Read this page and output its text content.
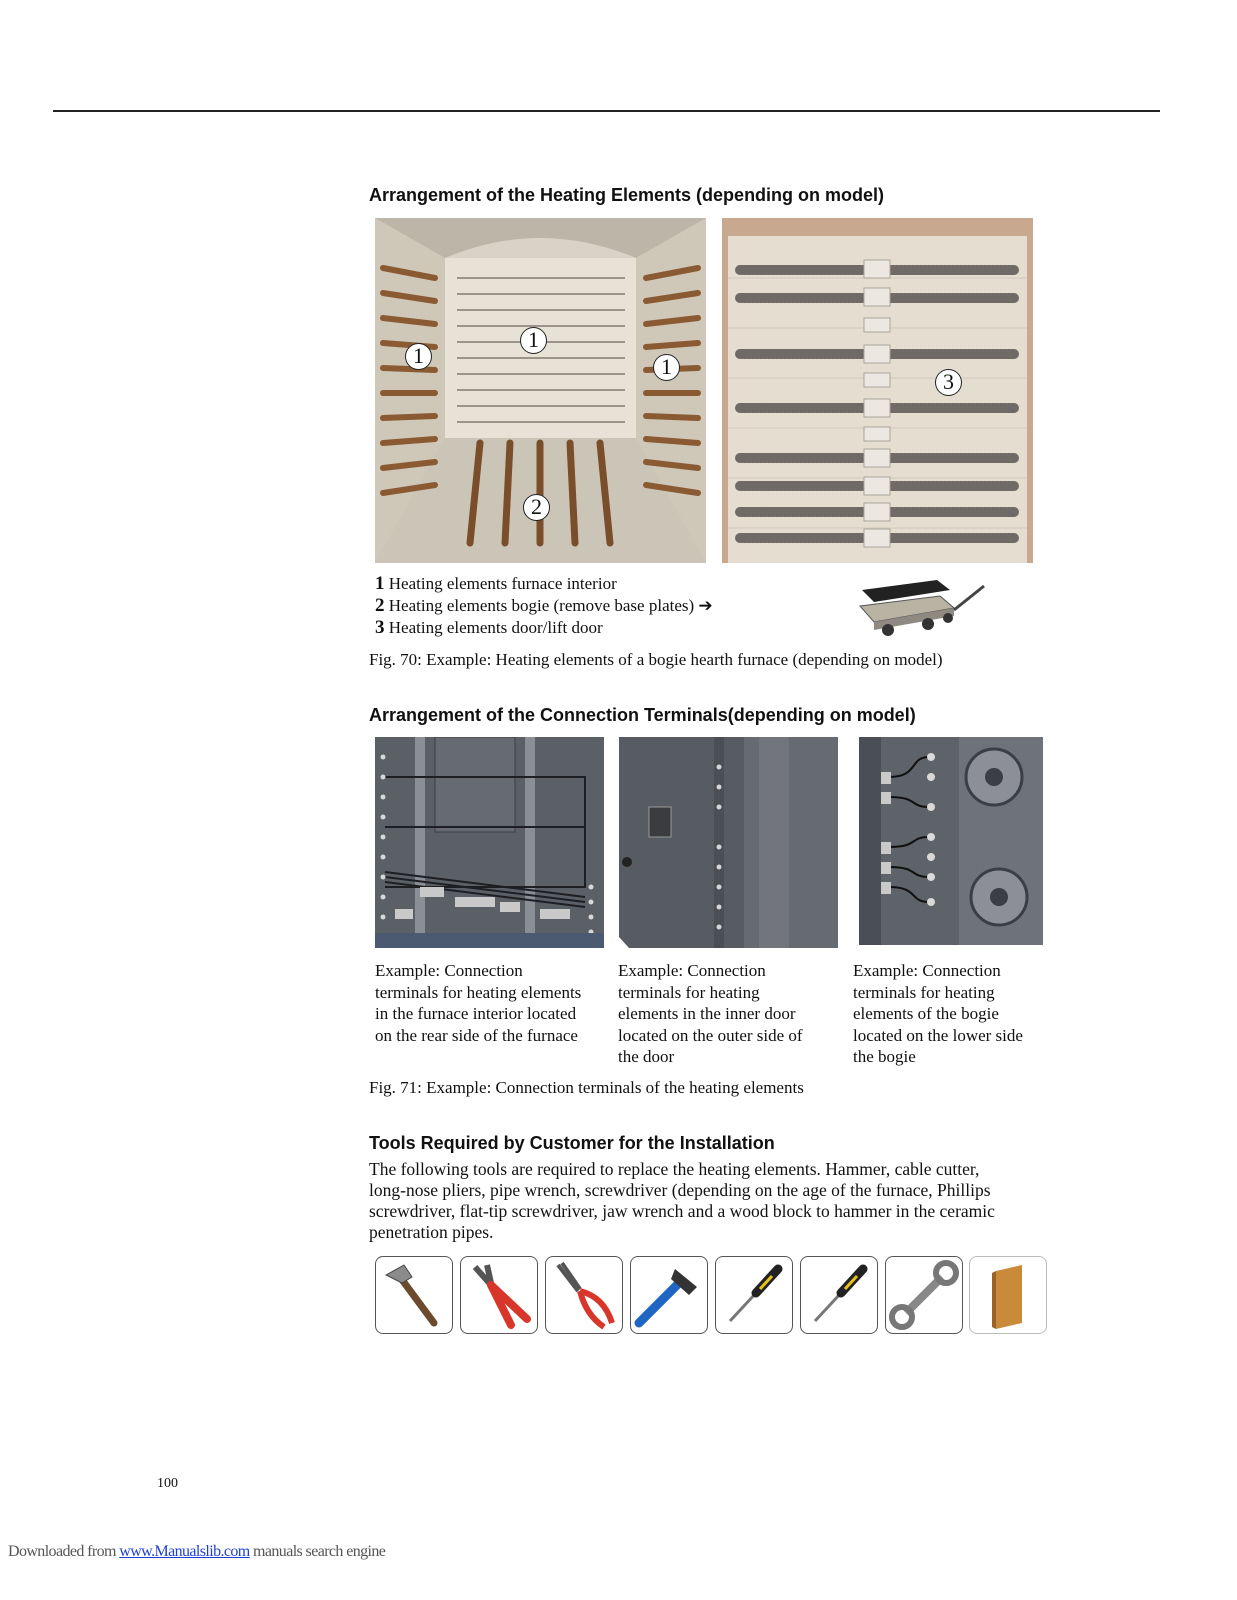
Arrangement of the Heating Elements (depending on model)
1
1
1
2
3
1 Heating elements furnace interior
2 Heating elements bogie (remove base plates) ➔
3 Heating elements door/lift door
Fig. 70: Example: Heating elements of a bogie hearth furnace (depending on model)
Arrangement of the Connection Terminals(depending on model)
Example: Connection
terminals for heating elements
in the furnace interior located
on the rear side of the furnace
Example: Connection
terminals for heating
elements in the inner door
located on the outer side of
the door
Example: Connection
terminals for heating
elements of the bogie
located on the lower side
the bogie
Fig. 71: Example: Connection terminals of the heating elements
Tools Required by Customer for the Installation
The following tools are required to replace the heating elements. Hammer, cable cutter,
long-nose pliers, pipe wrench, screwdriver (depending on the age of the furnace, Phillips
screwdriver, flat-tip screwdriver, jaw wrench and a wood block to hammer in the ceramic
penetration pipes.
100
Downloaded from www.Manualslib.com manuals search engine
